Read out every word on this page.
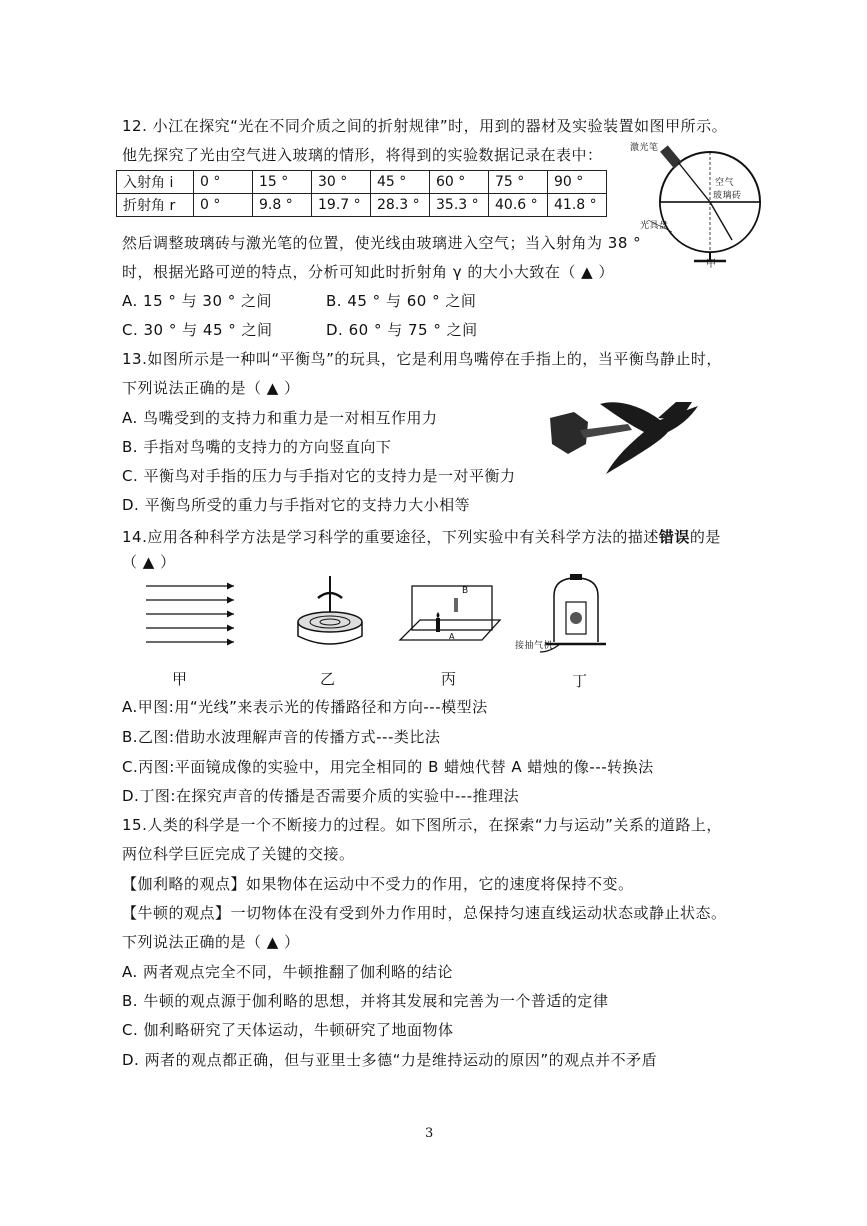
12. 小江在探究“光在不同介质之间的折射规律”时，用到的器材及实验装置如图甲所示。
他先探究了光由空气进入玻璃的情形，将得到的实验数据记录在表中：
入射角 i	0 °	15 °	30 °	45 °	60 °	75 °	90 °
折射角 r	0 °	9.8 °	19.7 °	28.3 °	35.3 °	40.6 °	41.8 °
激光笔
空气
玻璃砖
光具盘
甲
然后调整玻璃砖与激光笔的位置，使光线由玻璃进入空气；当入射角为 38 °
时，根据光路可逆的特点，分析可知此时折射角 γ 的大小大致在（ ▲ ）
A. 15 ° 与 30 ° 之间	B. 45 ° 与 60 ° 之间
C. 30 ° 与 45 ° 之间	D. 60 ° 与 75 ° 之间
13.如图所示是一种叫“平衡鸟”的玩具，它是利用鸟嘴停在手指上的，当平衡鸟静止时，
下列说法正确的是（ ▲ ）
A. 鸟嘴受到的支持力和重力是一对相互作用力
B. 手指对鸟嘴的支持力的方向竖直向下
C. 平衡鸟对手指的压力与手指对它的支持力是一对平衡力
D. 平衡鸟所受的重力与手指对它的支持力大小相等
14.应用各种科学方法是学习科学的重要途径，下列实验中有关科学方法的描述错误的是
（ ▲ ）
B
A
接抽气机
甲	乙	丙	丁
A.甲图:用“光线”来表示光的传播路径和方向---模型法
B.乙图:借助水波理解声音的传播方式---类比法
C.丙图:平面镜成像的实验中，用完全相同的 B 蜡烛代替 A 蜡烛的像---转换法
D.丁图:在探究声音的传播是否需要介质的实验中---推理法
15.人类的科学是一个不断接力的过程。如下图所示，在探索“力与运动”关系的道路上，
两位科学巨匠完成了关键的交接。
【伽利略的观点】如果物体在运动中不受力的作用，它的速度将保持不变。
【牛顿的观点】一切物体在没有受到外力作用时，总保持匀速直线运动状态或静止状态。
下列说法正确的是（ ▲ ）
A. 两者观点完全不同，牛顿推翻了伽利略的结论
B. 牛顿的观点源于伽利略的思想，并将其发展和完善为一个普适的定律
C. 伽利略研究了天体运动，牛顿研究了地面物体
D. 两者的观点都正确，但与亚里士多德“力是维持运动的原因”的观点并不矛盾
3
